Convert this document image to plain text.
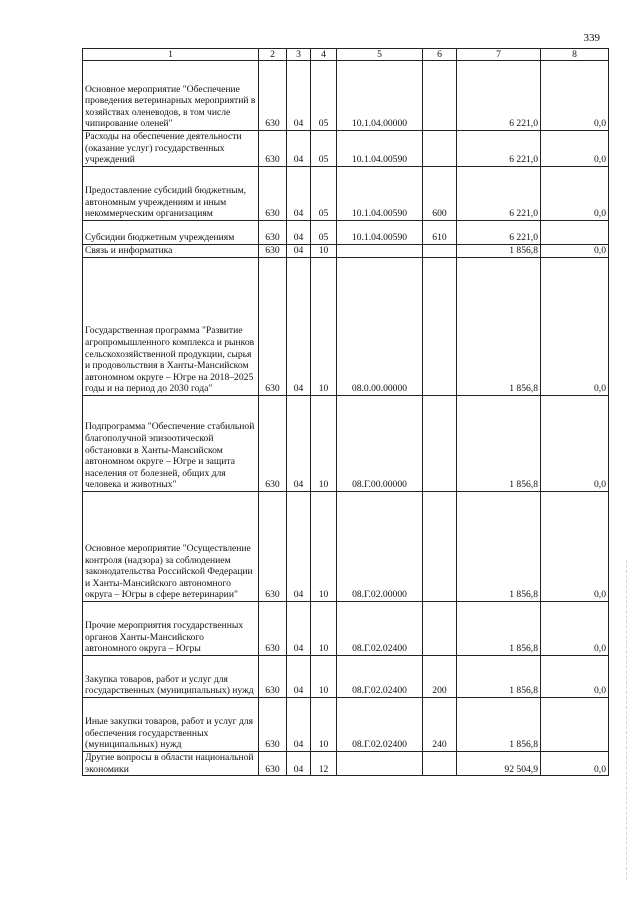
339
1	2	3	4	5	6	7	8
Основное мероприятие "Обеспечение проведения ветеринарных мероприятий в хозяйствах оленеводов, в том числе чипирование оленей"	630	04	05	10.1.04.00000		6 221,0	0,0
Расходы на обеспечение деятельности (оказание услуг) государственных учреждений	630	04	05	10.1.04.00590		6 221,0	0,0
Предоставление субсидий бюджетным, автономным учреждениям и иным некоммерческим организациям	630	04	05	10.1.04.00590	600	6 221,0	0,0
Субсидии бюджетным учреждениям	630	04	05	10.1.04.00590	610	6 221,0	
Связь и информатика	630	04	10			1 856,8	0,0
Государственная программа "Развитие агропромышленного комплекса и рынков сельскохозяйственной продукции, сырья и продовольствия в Ханты-Мансийском автономном округе – Югре на 2018–2025 годы и на период до 2030 года"	630	04	10	08.0.00.00000		1 856,8	0,0
Подпрограмма "Обеспечение стабильной благополучной эпизоотической обстановки в Ханты-Мансийском автономном округе – Югре и защита населения от болезней, общих для человека и животных"	630	04	10	08.Г.00.00000		1 856,8	0,0
Основное мероприятие "Осуществление контроля (надзора) за соблюдением законодательства Российской Федерации и Ханты-Мансийского автономного округа – Югры в сфере ветеринарии"	630	04	10	08.Г.02.00000		1 856,8	0,0
Прочие мероприятия государственных органов Ханты-Мансийского автономного округа – Югры	630	04	10	08.Г.02.02400		1 856,8	0,0
Закупка товаров, работ и услуг для государственных (муниципальных) нужд	630	04	10	08.Г.02.02400	200	1 856,8	0,0
Иные закупки товаров, работ и услуг для обеспечения государственных (муниципальных) нужд	630	04	10	08.Г.02.02400	240	1 856,8	
Другие вопросы в области национальной экономики	630	04	12			92 504,9	0,0
